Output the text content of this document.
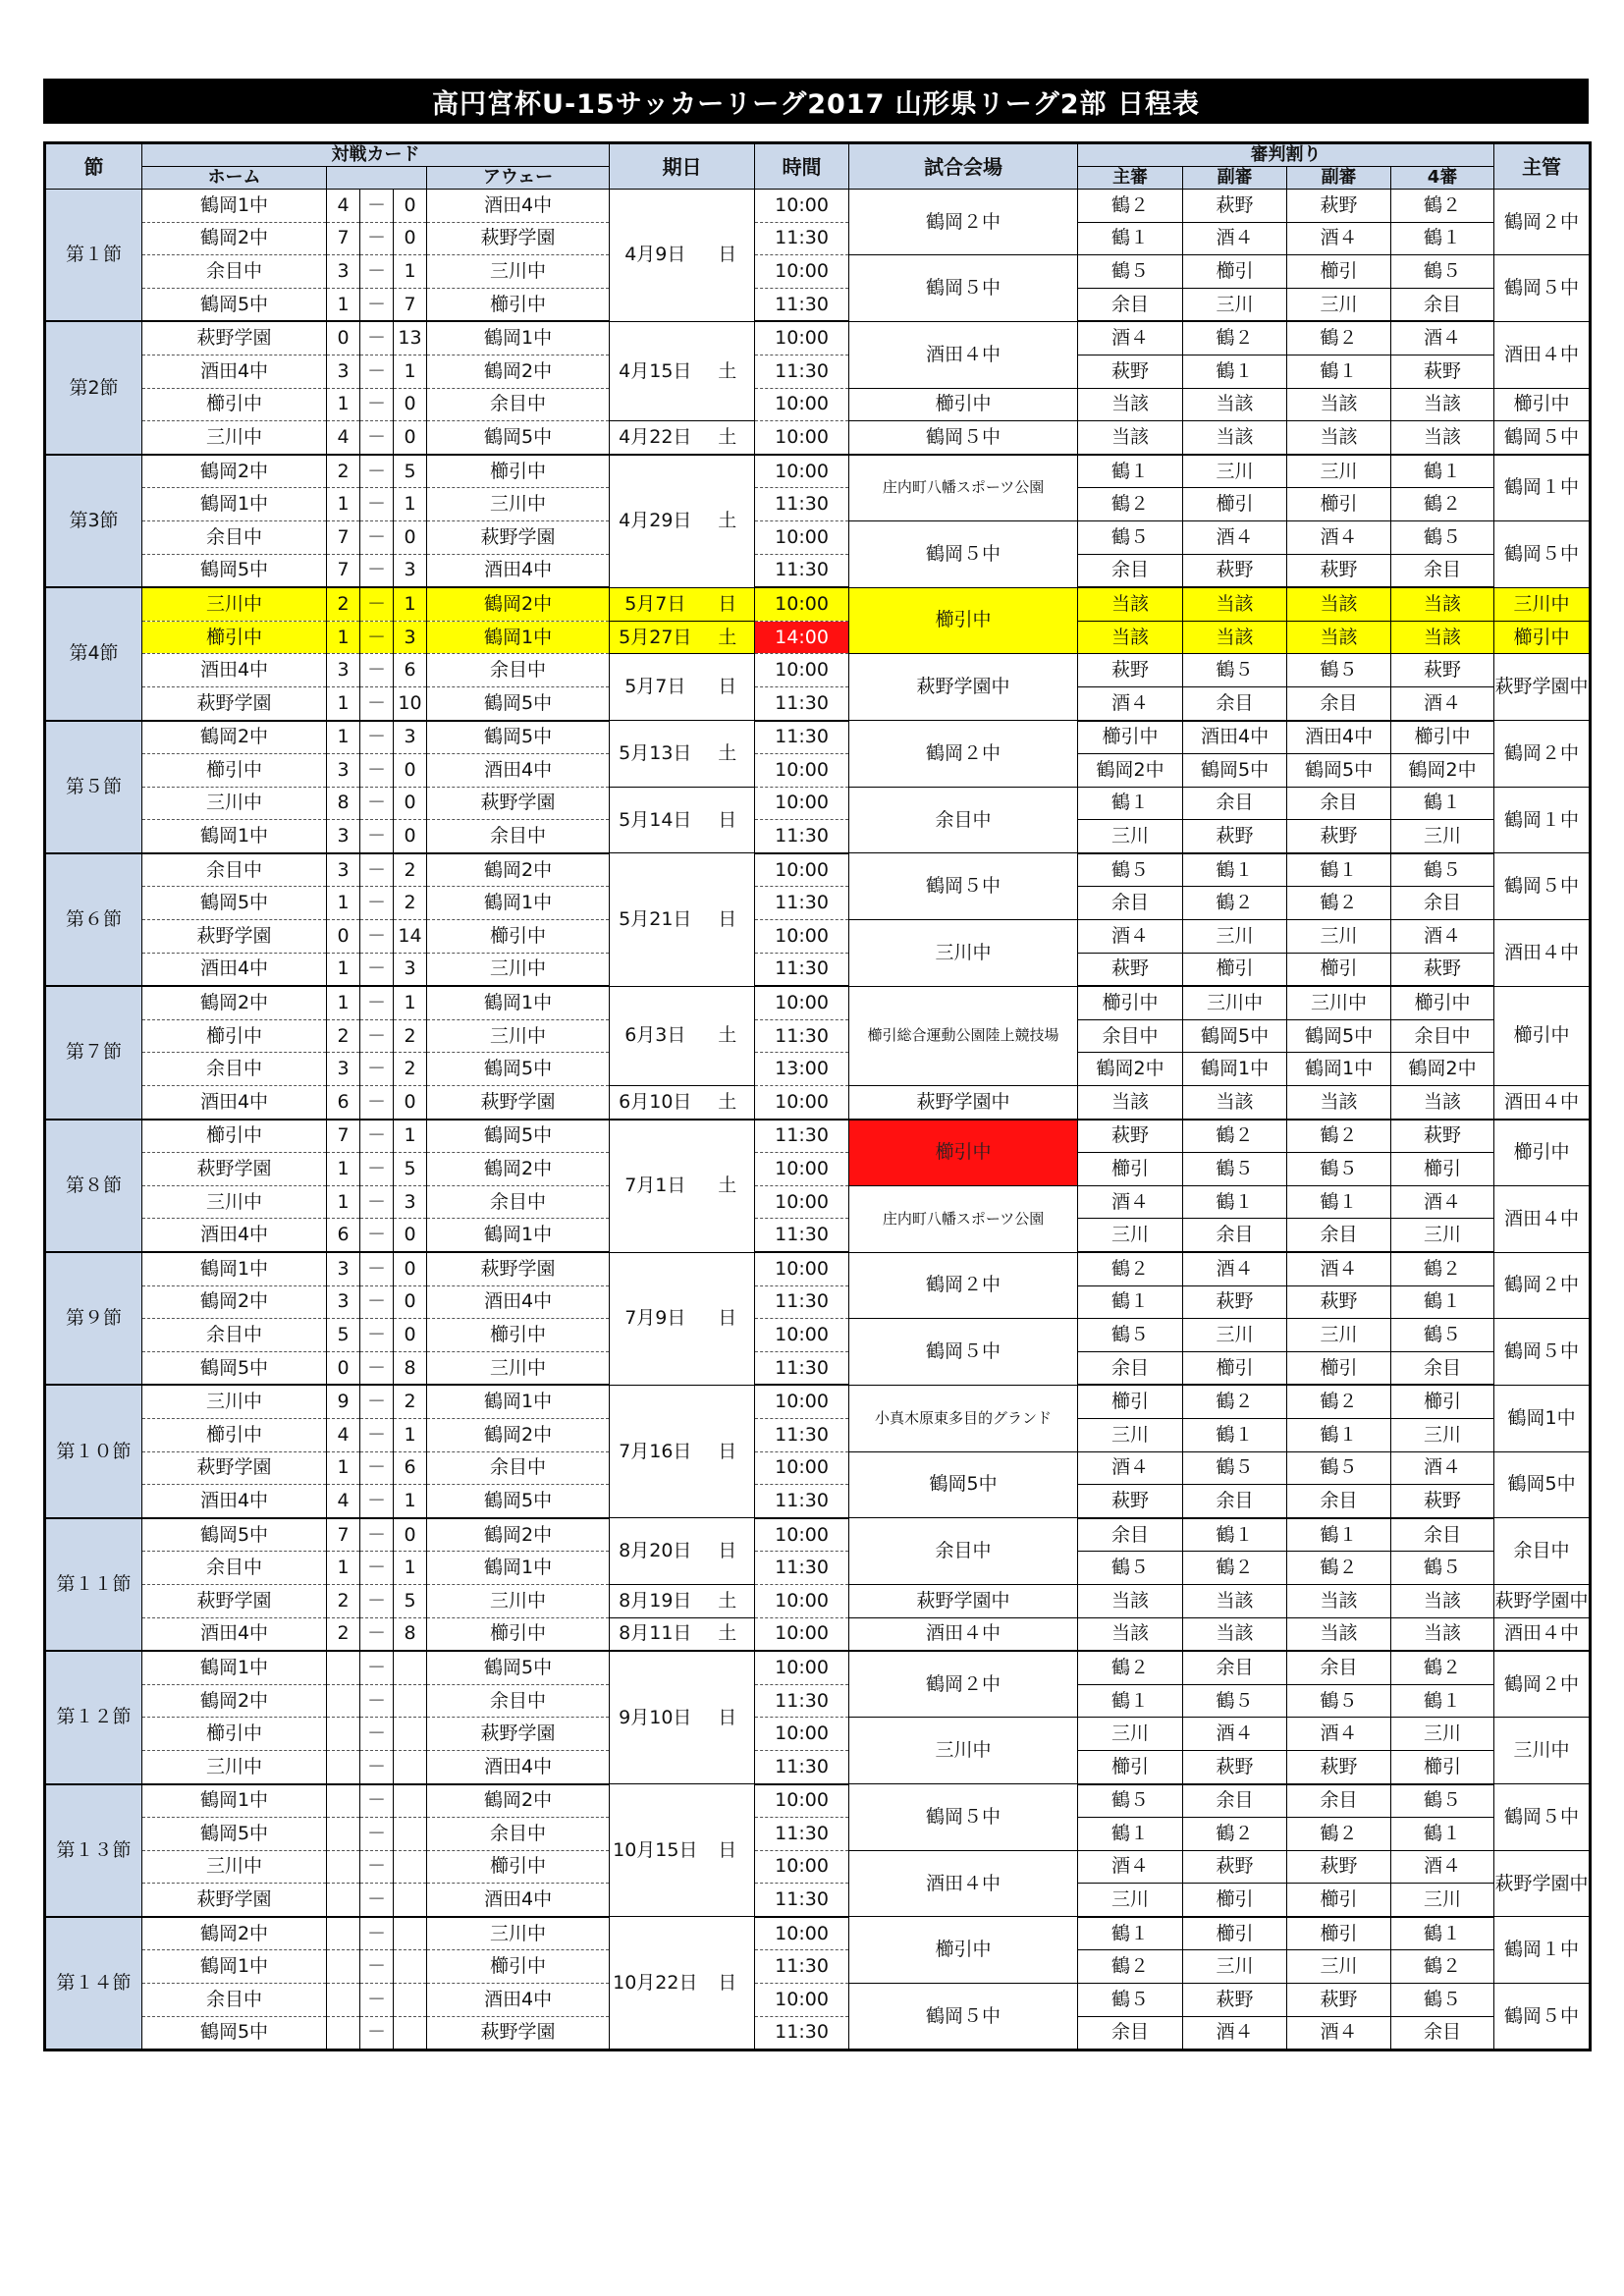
高円宮杯U-15サッカーリーグ2017 山形県リーグ2部 日程表
節	対戦カード					期日		時間	試合会場	審判割り				主管
	ホーム				アウェー					主審	副審	副審	4審	
第１節	鶴岡1中	4	－	0	酒田4中	4月9日	日	10:00	鶴岡２中	鶴２	萩野	萩野	鶴２	鶴岡２中
	鶴岡2中	7	－	0	萩野学園			11:30		鶴１	酒４	酒４	鶴１	
	余目中	3	－	1	三川中			10:00	鶴岡５中	鶴５	櫛引	櫛引	鶴５	鶴岡５中
	鶴岡5中	1	－	7	櫛引中			11:30		余目	三川	三川	余目	
第2節	萩野学園	0	－	13	鶴岡1中	4月15日	土	10:00	酒田４中	酒４	鶴２	鶴２	酒４	酒田４中
	酒田4中	3	－	1	鶴岡2中			11:30		萩野	鶴１	鶴１	萩野	
	櫛引中	1	－	0	余目中			10:00	櫛引中	当該	当該	当該	当該	櫛引中
	三川中	4	－	0	鶴岡5中	4月22日	土	10:00	鶴岡５中	当該	当該	当該	当該	鶴岡５中
第3節	鶴岡2中	2	－	5	櫛引中	4月29日	土	10:00	庄内町八幡スポーツ公園	鶴１	三川	三川	鶴１	鶴岡１中
	鶴岡1中	1	－	1	三川中			11:30		鶴２	櫛引	櫛引	鶴２	
	余目中	7	－	0	萩野学園			10:00	鶴岡５中	鶴５	酒４	酒４	鶴５	鶴岡５中
	鶴岡5中	7	－	3	酒田4中			11:30		余目	萩野	萩野	余目	
第4節	三川中	2	－	1	鶴岡2中	5月7日	日	10:00	櫛引中	当該	当該	当該	当該	三川中
	櫛引中	1	－	3	鶴岡1中	5月27日	土	14:00		当該	当該	当該	当該	櫛引中
	酒田4中	3	－	6	余目中	5月7日	日	10:00	萩野学園中	萩野	鶴５	鶴５	萩野	萩野学園中
	萩野学園	1	－	10	鶴岡5中			11:30		酒４	余目	余目	酒４	
第５節	鶴岡2中	1	－	3	鶴岡5中	5月13日	土	11:30	鶴岡２中	櫛引中	酒田4中	酒田4中	櫛引中	鶴岡２中
	櫛引中	3	－	0	酒田4中			10:00		鶴岡2中	鶴岡5中	鶴岡5中	鶴岡2中	
	三川中	8	－	0	萩野学園	5月14日	日	10:00	余目中	鶴１	余目	余目	鶴１	鶴岡１中
	鶴岡1中	3	－	0	余目中			11:30		三川	萩野	萩野	三川	
第６節	余目中	3	－	2	鶴岡2中	5月21日	日	10:00	鶴岡５中	鶴５	鶴１	鶴１	鶴５	鶴岡５中
	鶴岡5中	1	－	2	鶴岡1中			11:30		余目	鶴２	鶴２	余目	
	萩野学園	0	－	14	櫛引中			10:00	三川中	酒４	三川	三川	酒４	酒田４中
	酒田4中	1	－	3	三川中			11:30		萩野	櫛引	櫛引	萩野	
第７節	鶴岡2中	1	－	1	鶴岡1中	6月3日	土	10:00	櫛引総合運動公園陸上競技場	櫛引中	三川中	三川中	櫛引中	櫛引中
	櫛引中	2	－	2	三川中			11:30		余目中	鶴岡5中	鶴岡5中	余目中	
	余目中	3	－	2	鶴岡5中			13:00		鶴岡2中	鶴岡1中	鶴岡1中	鶴岡2中	
	酒田4中	6	－	0	萩野学園	6月10日	土	10:00	萩野学園中	当該	当該	当該	当該	酒田４中
第８節	櫛引中	7	－	1	鶴岡5中	7月1日	土	11:30	櫛引中	萩野	鶴２	鶴２	萩野	櫛引中
	萩野学園	1	－	5	鶴岡2中			10:00		櫛引	鶴５	鶴５	櫛引	
	三川中	1	－	3	余目中			10:00	庄内町八幡スポーツ公園	酒４	鶴１	鶴１	酒４	酒田４中
	酒田4中	6	－	0	鶴岡1中			11:30		三川	余目	余目	三川	
第９節	鶴岡1中	3	－	0	萩野学園	7月9日	日	10:00	鶴岡２中	鶴２	酒４	酒４	鶴２	鶴岡２中
	鶴岡2中	3	－	0	酒田4中			11:30		鶴１	萩野	萩野	鶴１	
	余目中	5	－	0	櫛引中			10:00	鶴岡５中	鶴５	三川	三川	鶴５	鶴岡５中
	鶴岡5中	0	－	8	三川中			11:30		余目	櫛引	櫛引	余目	
第１０節	三川中	9	－	2	鶴岡1中	7月16日	日	10:00	小真木原東多目的グランド	櫛引	鶴２	鶴２	櫛引	鶴岡1中
	櫛引中	4	－	1	鶴岡2中			11:30		三川	鶴１	鶴１	三川	
	萩野学園	1	－	6	余目中			10:00	鶴岡5中	酒４	鶴５	鶴５	酒４	鶴岡5中
	酒田4中	4	－	1	鶴岡5中			11:30		萩野	余目	余目	萩野	
第１１節	鶴岡5中	7	－	0	鶴岡2中	8月20日	日	10:00	余目中	余目	鶴１	鶴１	余目	余目中
	余目中	1	－	1	鶴岡1中			11:30		鶴５	鶴２	鶴２	鶴５	
	萩野学園	2	－	5	三川中	8月19日	土	10:00	萩野学園中	当該	当該	当該	当該	萩野学園中
	酒田4中	2	－	8	櫛引中	8月11日	土	10:00	酒田４中	当該	当該	当該	当該	酒田４中
第１２節	鶴岡1中		－		鶴岡5中	9月10日	日	10:00	鶴岡２中	鶴２	余目	余目	鶴２	鶴岡２中
	鶴岡2中		－		余目中			11:30		鶴１	鶴５	鶴５	鶴１	
	櫛引中		－		萩野学園			10:00	三川中	三川	酒４	酒４	三川	三川中
	三川中		－		酒田4中			11:30		櫛引	萩野	萩野	櫛引	
第１３節	鶴岡1中		－		鶴岡2中	10月15日	日	10:00	鶴岡５中	鶴５	余目	余目	鶴５	鶴岡５中
	鶴岡5中		－		余目中			11:30		鶴１	鶴２	鶴２	鶴１	
	三川中		－		櫛引中			10:00	酒田４中	酒４	萩野	萩野	酒４	萩野学園中
	萩野学園		－		酒田4中			11:30		三川	櫛引	櫛引	三川	
第１４節	鶴岡2中		－		三川中	10月22日	日	10:00	櫛引中	鶴１	櫛引	櫛引	鶴１	鶴岡１中
	鶴岡1中		－		櫛引中			11:30		鶴２	三川	三川	鶴２	
	余目中		－		酒田4中			10:00	鶴岡５中	鶴５	萩野	萩野	鶴５	鶴岡５中
	鶴岡5中		－		萩野学園			11:30		余目	酒４	酒４	余目	
